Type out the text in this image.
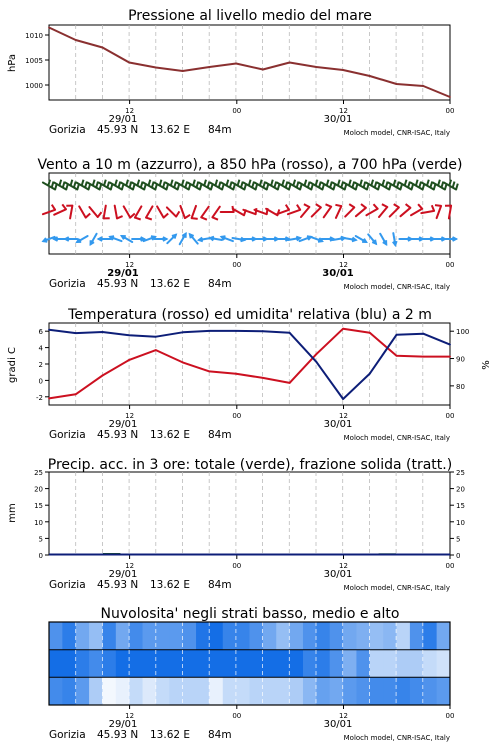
Pressione al livello medio del mare
Vento a 10 m (azzurro), a 850 hPa (rosso), a 700 hPa (verde)
Temperatura (rosso) ed umidita' relativa (blu) a 2 m
Precip. acc. in 3 ore: totale (verde), frazione solida (tratt.)
Nuvolosita' negli strati basso, medio e alto
hPa
gradi C	%
mm
12	00	12	00
1000
1005
1010
29/01	30/01
Gorizia 45.93 N 13.62 E 84m	Moloch model, CNR-ISAC, Italy
12	00	12	00
29/01	30/01
Gorizia 45.93 N 13.62 E 84m	Moloch model, CNR-ISAC, Italy
12	00	12	00
-2
0
2
4
6
80
90
100
29/01	30/01
Gorizia 45.93 N 13.62 E 84m	Moloch model, CNR-ISAC, Italy
12	00	12	00
0
5
10
15
20
25
0
5
10
15
20
25
29/01	30/01
Gorizia 45.93 N 13.62 E 84m	Moloch model, CNR-ISAC, Italy
12	00	12	00
29/01	30/01
Gorizia 45.93 N 13.62 E 84m	Moloch model, CNR-ISAC, Italy
